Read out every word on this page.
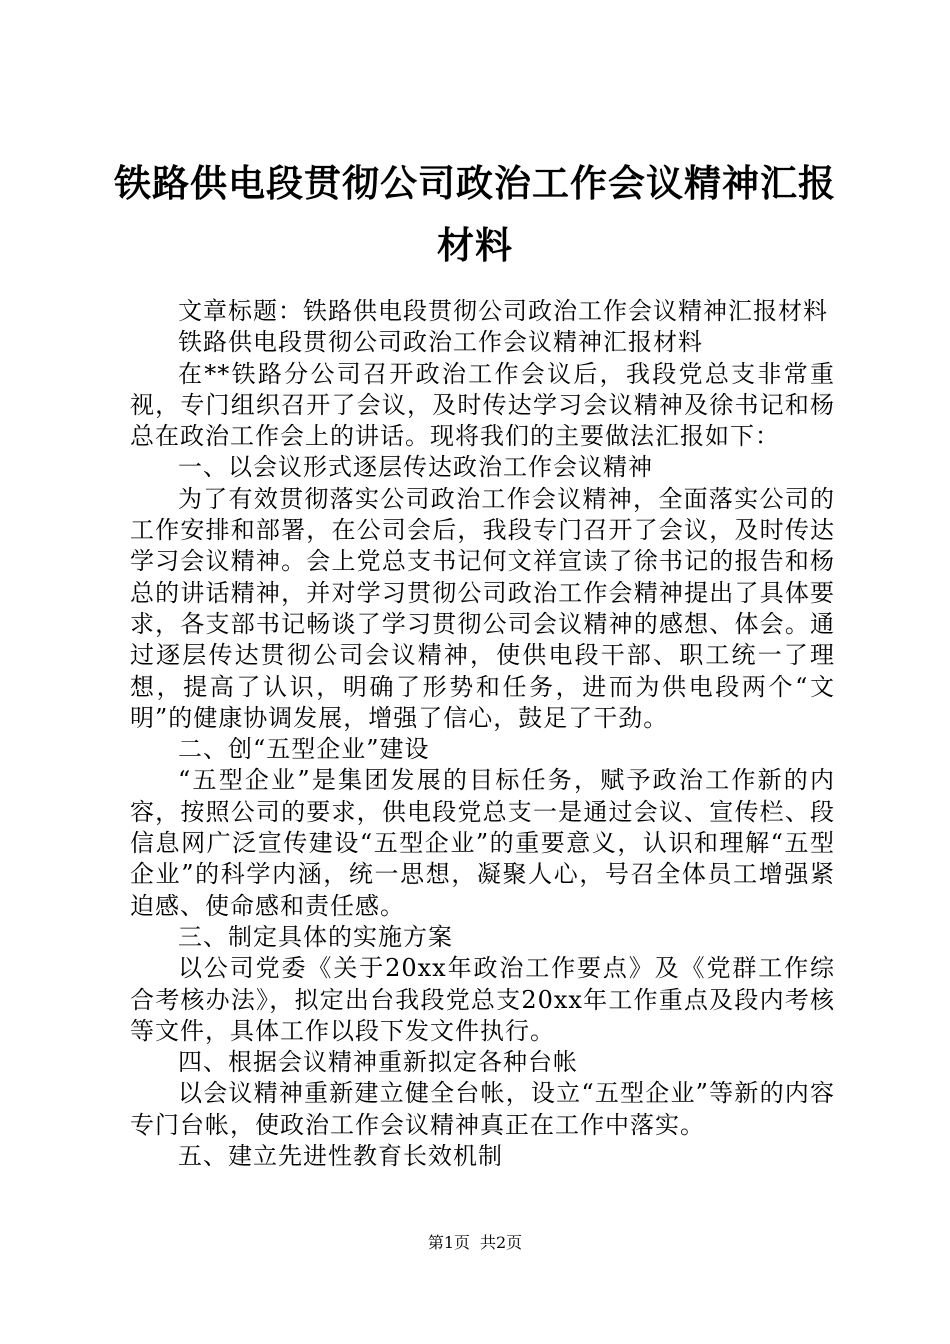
铁路供电段贯彻公司政治工作会议精神汇报材料

文章标题：铁路供电段贯彻公司政治工作会议精神汇报材料

铁路供电段贯彻公司政治工作会议精神汇报材料

在**铁路分公司召开政治工作会议后，我段党总支非常重视，专门组织召开了会议，及时传达学习会议精神及徐书记和杨总在政治工作会上的讲话。现将我们的主要做法汇报如下：

一、以会议形式逐层传达政治工作会议精神

为了有效贯彻落实公司政治工作会议精神，全面落实公司的工作安排和部署，在公司会后，我段专门召开了会议，及时传达学习会议精神。会上党总支书记何文祥宣读了徐书记的报告和杨总的讲话精神，并对学习贯彻公司政治工作会精神提出了具体要求，各支部书记畅谈了学习贯彻公司会议精神的感想、体会。通过逐层传达贯彻公司会议精神，使供电段干部、职工统一了理想，提高了认识，明确了形势和任务，进而为供电段两个“文明”的健康协调发展，增强了信心，鼓足了干劲。

二、创“五型企业”建设

“五型企业”是集团发展的目标任务，赋予政治工作新的内容，按照公司的要求，供电段党总支一是通过会议、宣传栏、段信息网广泛宣传建设“五型企业”的重要意义，认识和理解“五型企业”的科学内涵，统一思想，凝聚人心，号召全体员工增强紧迫感、使命感和责任感。

三、制定具体的实施方案

以公司党委《关于20xx年政治工作要点》及《党群工作综合考核办法》，拟定出台我段党总支20xx年工作重点及段内考核等文件，具体工作以段下发文件执行。

四、根据会议精神重新拟定各种台帐

以会议精神重新建立健全台帐，设立“五型企业”等新的内容专门台帐，使政治工作会议精神真正在工作中落实。

五、建立先进性教育长效机制

第1页 共2页
